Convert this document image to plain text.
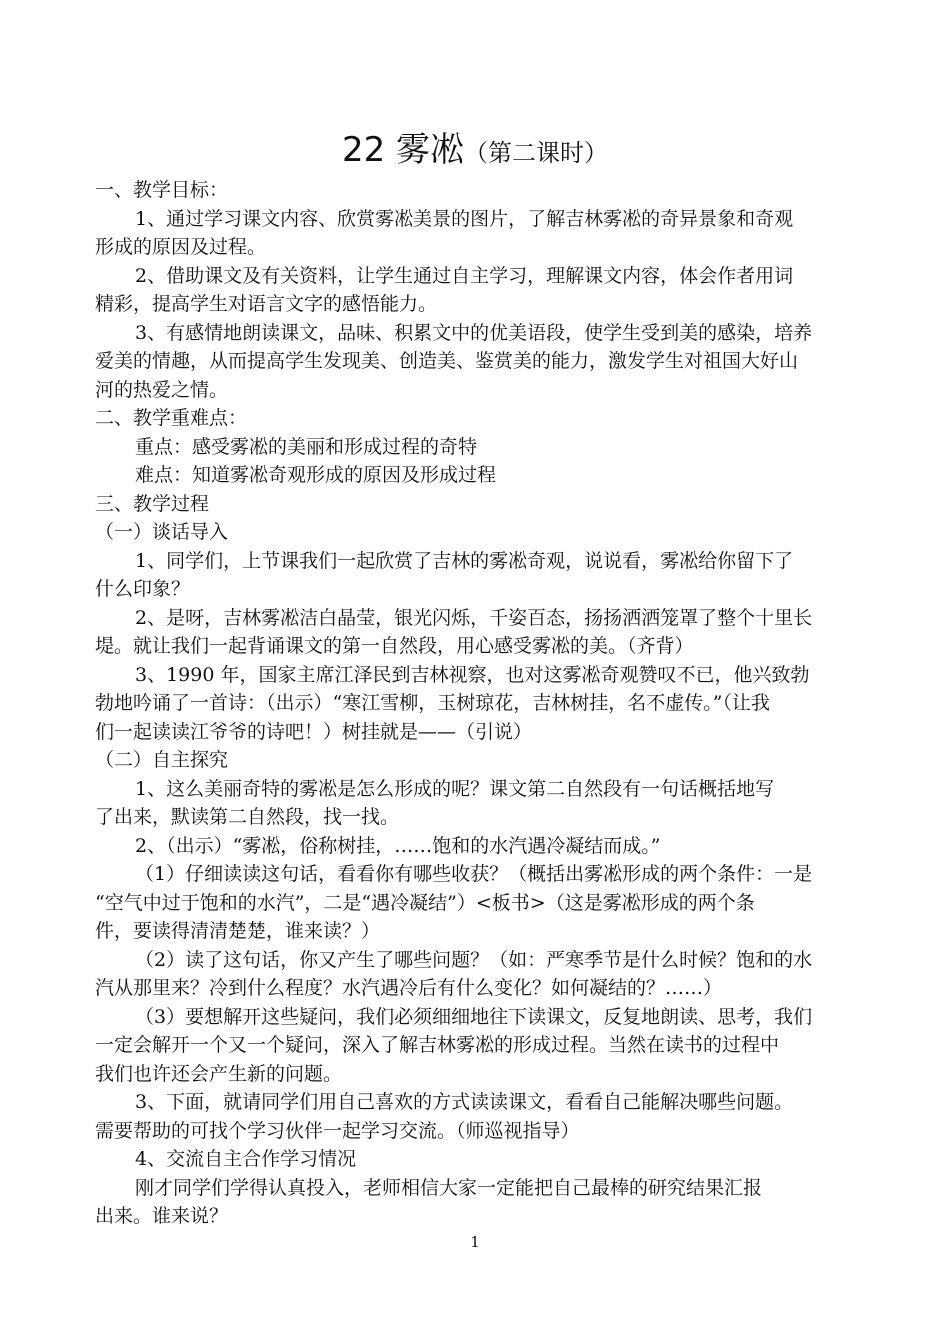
22 雾凇（第二课时）
一、教学目标：
1、通过学习课文内容、欣赏雾凇美景的图片，了解吉林雾凇的奇异景象和奇观
形成的原因及过程。
2、借助课文及有关资料，让学生通过自主学习，理解课文内容，体会作者用词
精彩，提高学生对语言文字的感悟能力。
3、有感情地朗读课文，品味、积累文中的优美语段，使学生受到美的感染，培养
爱美的情趣，从而提高学生发现美、创造美、鉴赏美的能力，激发学生对祖国大好山
河的热爱之情。
二、教学重难点：
重点：感受雾凇的美丽和形成过程的奇特
难点：知道雾凇奇观形成的原因及形成过程
三、教学过程
（一）谈话导入
1、同学们，上节课我们一起欣赏了吉林的雾凇奇观，说说看，雾凇给你留下了
什么印象？
2、是呀，吉林雾凇洁白晶莹，银光闪烁，千姿百态，扬扬洒洒笼罩了整个十里长
堤。就让我们一起背诵课文的第一自然段，用心感受雾凇的美。（齐背）
3、1990 年，国家主席江泽民到吉林视察，也对这雾凇奇观赞叹不已，他兴致勃
勃地吟诵了一首诗：（出示）“寒江雪柳，玉树琼花，吉林树挂，名不虚传。”（让我
们一起读读江爷爷的诗吧！）树挂就是——（引说）
（二）自主探究
1、这么美丽奇特的雾凇是怎么形成的呢？课文第二自然段有一句话概括地写
了出来，默读第二自然段，找一找。
2、（出示）“雾凇，俗称树挂，……饱和的水汽遇冷凝结而成。”
（1）仔细读读这句话，看看你有哪些收获？（概括出雾凇形成的两个条件：一是
“空气中过于饱和的水汽”，二是“遇冷凝结”）<板书>（这是雾凇形成的两个条
件，要读得清清楚楚，谁来读？）
（2）读了这句话，你又产生了哪些问题？（如：严寒季节是什么时候？饱和的水
汽从那里来？冷到什么程度？水汽遇冷后有什么变化？如何凝结的？……）
（3）要想解开这些疑问，我们必须细细地往下读课文，反复地朗读、思考，我们
一定会解开一个又一个疑问，深入了解吉林雾凇的形成过程。当然在读书的过程中
我们也许还会产生新的问题。
3、下面，就请同学们用自己喜欢的方式读读课文，看看自己能解决哪些问题。
需要帮助的可找个学习伙伴一起学习交流。（师巡视指导）
4、交流自主合作学习情况
刚才同学们学得认真投入，老师相信大家一定能把自己最棒的研究结果汇报
出来。谁来说？
1
